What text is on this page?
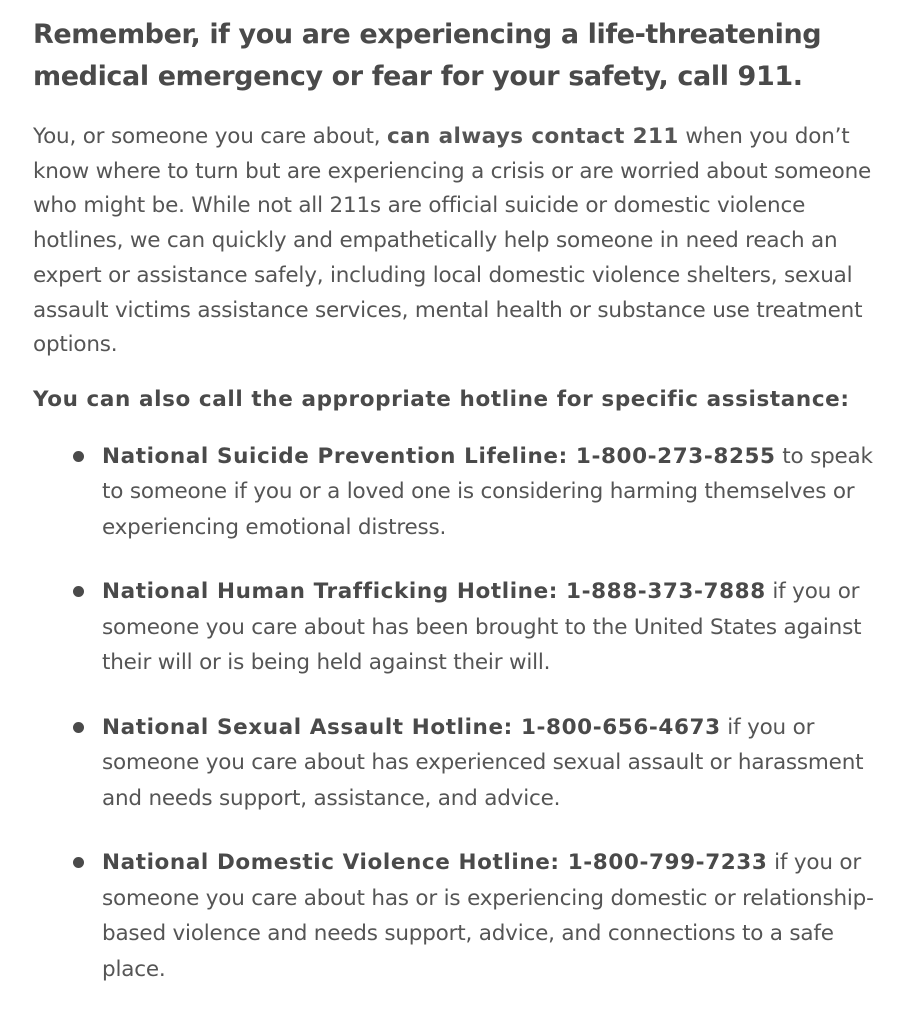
Remember, if you are experiencing a life-threatening medical emergency or fear for your safety, call 911.

You, or someone you care about, can always contact 211 when you don’t know where to turn but are experiencing a crisis or are worried about someone who might be. While not all 211s are official suicide or domestic violence hotlines, we can quickly and empathetically help someone in need reach an expert or assistance safely, including local domestic violence shelters, sexual assault victims assistance services, mental health or substance use treatment options.

You can also call the appropriate hotline for specific assistance:

National Suicide Prevention Lifeline: 1-800-273-8255 to speak to someone if you or a loved one is considering harming themselves or experiencing emotional distress.
National Human Trafficking Hotline: 1-888-373-7888 if you or someone you care about has been brought to the United States against their will or is being held against their will.
National Sexual Assault Hotline: 1-800-656-4673 if you or someone you care about has experienced sexual assault or harassment and needs support, assistance, and advice.
National Domestic Violence Hotline: 1-800-799-7233 if you or someone you care about has or is experiencing domestic or relationship-based violence and needs support, advice, and connections to a safe place.
